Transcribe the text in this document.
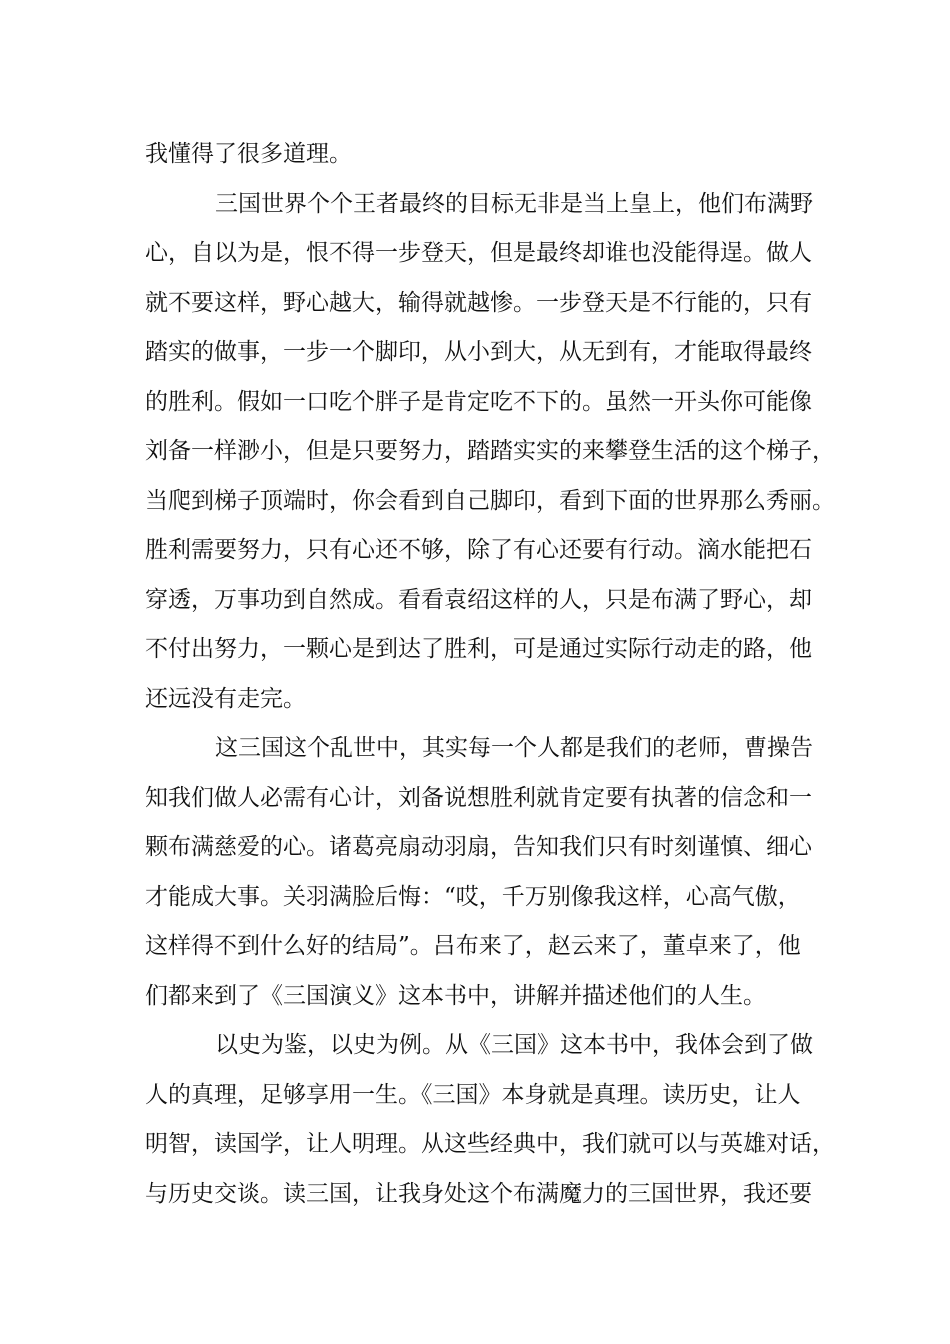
我懂得了很多道理。
三国世界个个王者最终的目标无非是当上皇上，他们布满野
心，自以为是，恨不得一步登天，但是最终却谁也没能得逞。做人
就不要这样，野心越大，输得就越惨。一步登天是不行能的，只有
踏实的做事，一步一个脚印，从小到大，从无到有，才能取得最终
的胜利。假如一口吃个胖子是肯定吃不下的。虽然一开头你可能像
刘备一样渺小，但是只要努力，踏踏实实的来攀登生活的这个梯子，
当爬到梯子顶端时，你会看到自己脚印，看到下面的世界那么秀丽。
胜利需要努力，只有心还不够，除了有心还要有行动。滴水能把石
穿透，万事功到自然成。看看袁绍这样的人，只是布满了野心，却
不付出努力，一颗心是到达了胜利，可是通过实际行动走的路，他
还远没有走完。
这三国这个乱世中，其实每一个人都是我们的老师，曹操告
知我们做人必需有心计，刘备说想胜利就肯定要有执著的信念和一
颗布满慈爱的心。诸葛亮扇动羽扇，告知我们只有时刻谨慎、细心
才能成大事。关羽满脸后悔：“哎，千万别像我这样，心高气傲，
这样得不到什么好的结局”。吕布来了，赵云来了，董卓来了，他
们都来到了《三国演义》这本书中，讲解并描述他们的人生。
以史为鉴，以史为例。从《三国》这本书中，我体会到了做
人的真理，足够享用一生。《三国》本身就是真理。读历史，让人
明智，读国学，让人明理。从这些经典中，我们就可以与英雄对话，
与历史交谈。读三国，让我身处这个布满魔力的三国世界，我还要
